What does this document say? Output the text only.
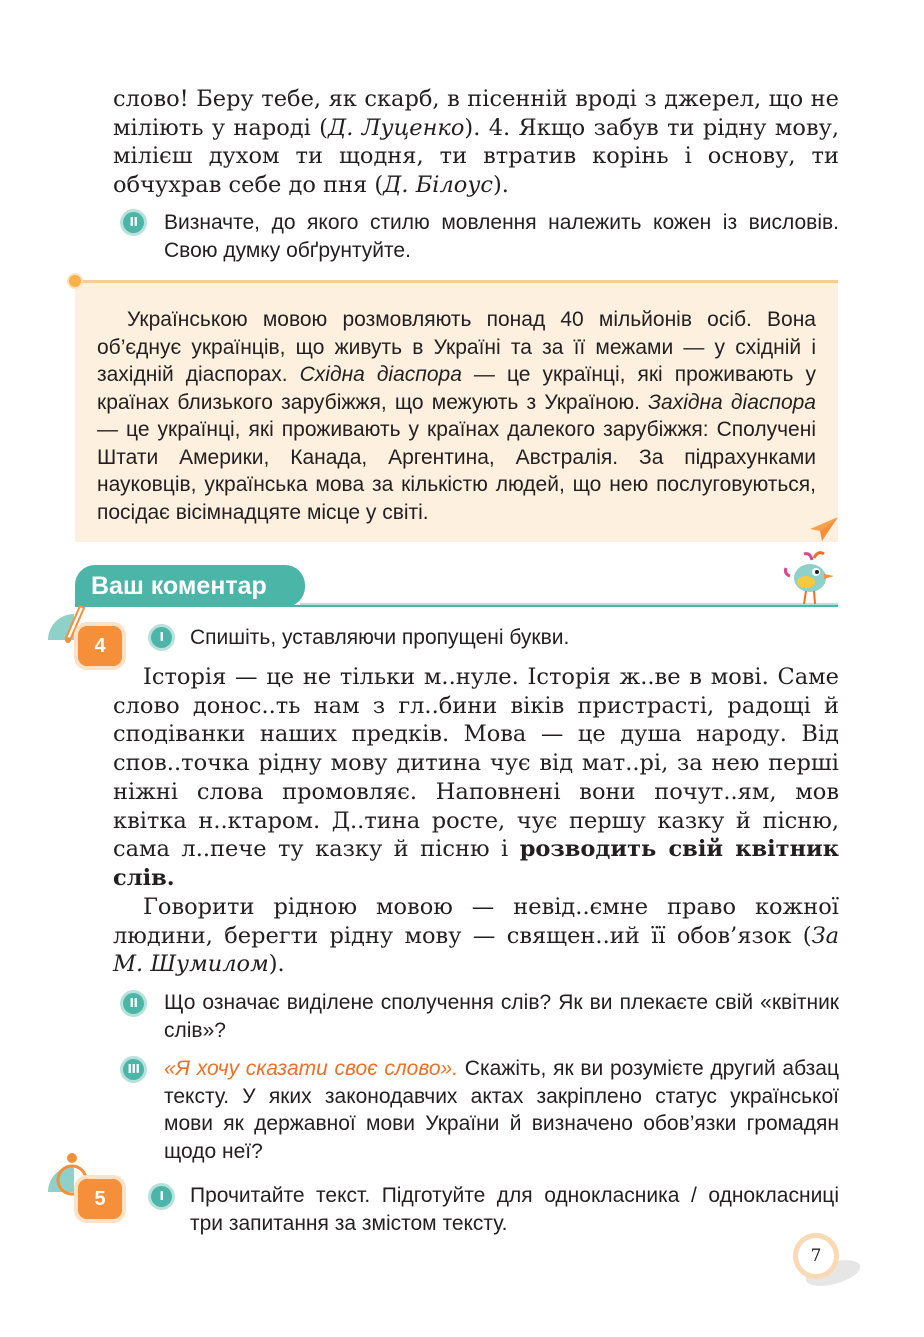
слово! Беру тебе, як скарб, в пісенній вроді з джерел, що не міліють у народі (Д. Луценко). 4. Якщо забув ти рідну мову, мілієш духом ти щодня, ти втратив корінь і основу, ти обчухрав себе до пня (Д. Білоус).

II	Визначте, до якого стилю мовлення належить кожен із висловів. Свою думку обґрунтуйте.

Українською мовою розмовляють понад 40 мільйонів осіб. Вона об’єднує українців, що живуть в Україні та за її межами — у східній і західній діаспорах. Східна діаспора — це українці, які проживають у країнах близького зарубіжжя, що межують з Україною. Західна діаспора — це українці, які проживають у країнах далекого зарубіжжя: Сполучені Штати Америки, Канада, Аргентина, Австралія. За підрахунками науковців, українська мова за кількістю людей, що нею послуговуються, посідає вісімнадцяте місце у світі.

Ваш коментар
4	I	Спишіть, уставляючи пропущені букви.

Історія — це не тільки м..нуле. Історія ж..ве в мові. Саме слово донос..ть нам з гл..бини віків пристрасті, радощі й сподіванки наших предків. Мова — це душа народу. Від спов..точка рідну мову дитина чує від мат..рі, за нею перші ніжні слова промовляє. Наповнені вони почут..ям, мов квітка н..ктаром. Д..тина росте, чує першу казку й пісню, сама л..пече ту казку й пісню і розводить свій квітник слів.

Говорити рідною мовою — невід..ємне право кожної людини, берегти рідну мову — священ..ий її обов’язок (За М. Шумилом).

II	Що означає виділене сполучення слів? Як ви плекаєте свій «квітник слів»?

III «Я хочу сказати своє слово». Скажіть, як ви розумієте другий абзац тексту. У яких законодавчих актах закріплено статус української мови як державної мови України й визначено обов’язки громадян щодо неї?

5	I	Прочитайте текст. Підготуйте для однокласника / однокласниці три запитання за змістом тексту.

7
